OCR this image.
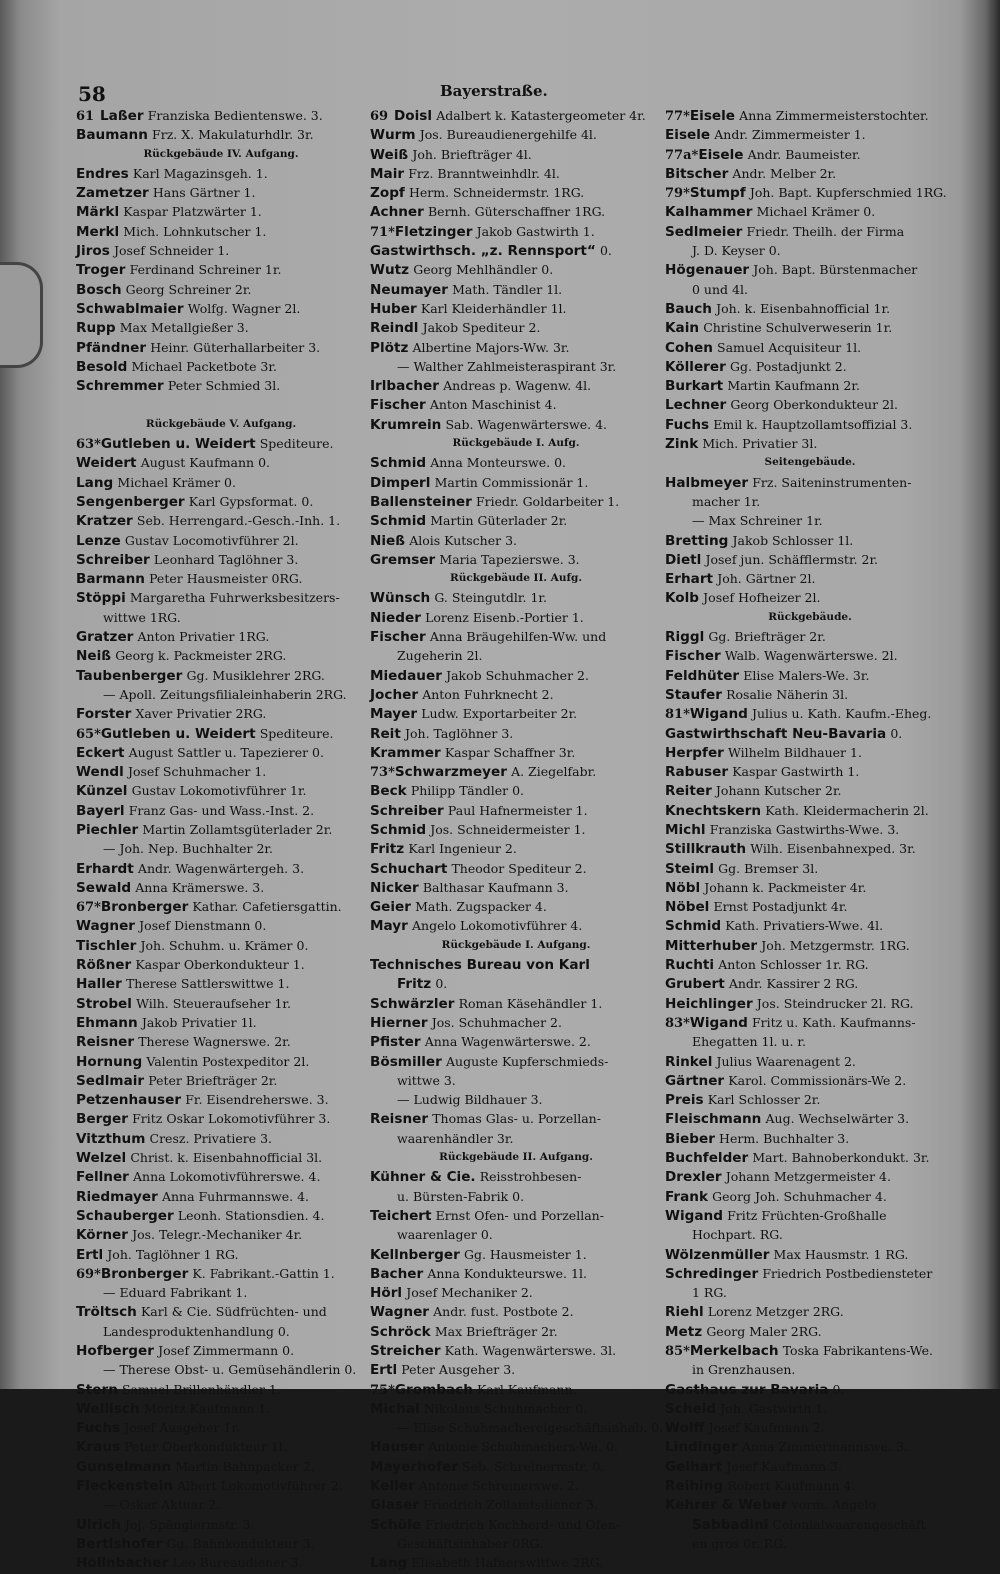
58	Bayerstraße.
61 Laßer Franziska Bedientenswe. 3.
Baumann Frz. X. Makulaturhdlr. 3r.
Rückgebäude IV. Aufgang.
Endres Karl Magazinsgeh. 1.
Zametzer Hans Gärtner 1.
Märkl Kaspar Platzwärter 1.
Merkl Mich. Lohnkutscher 1.
Jiros Josef Schneider 1.
Troger Ferdinand Schreiner 1r.
Bosch Georg Schreiner 2r.
Schwablmaier Wolfg. Wagner 2l.
Rupp Max Metallgießer 3.
Pfändner Heinr. Güterhallarbeiter 3.
Besold Michael Packetbote 3r.
Schremmer Peter Schmied 3l.
Rückgebäude V. Aufgang.
63*Gutleben u. Weidert Spediteure.
Weidert August Kaufmann 0.
Lang Michael Krämer 0.
Sengenberger Karl Gypsformat. 0.
Kratzer Seb. Herrengard.-Gesch.-Inh. 1.
Lenze Gustav Locomotivführer 2l.
Schreiber Leonhard Taglöhner 3.
Barmann Peter Hausmeister 0RG.
Stöppi Margaretha Fuhrwerksbesitzers-
wittwe 1RG.
Gratzer Anton Privatier 1RG.
Neiß Georg k. Packmeister 2RG.
Taubenberger Gg. Musiklehrer 2RG.
— Apoll. Zeitungsfilialeinhaberin 2RG.
Forster Xaver Privatier 2RG.
65*Gutleben u. Weidert Spediteure.
Eckert August Sattler u. Tapezierer 0.
Wendl Josef Schuhmacher 1.
Künzel Gustav Lokomotivführer 1r.
Bayerl Franz Gas- und Wass.-Inst. 2.
Piechler Martin Zollamtsgüterlader 2r.
— Joh. Nep. Buchhalter 2r.
Erhardt Andr. Wagenwärtergeh. 3.
Sewald Anna Krämerswe. 3.
67*Bronberger Kathar. Cafetiersgattin.
Wagner Josef Dienstmann 0.
Tischler Joh. Schuhm. u. Krämer 0.
Rößner Kaspar Oberkondukteur 1.
Haller Therese Sattlerswittwe 1.
Strobel Wilh. Steueraufseher 1r.
Ehmann Jakob Privatier 1l.
Reisner Therese Wagnerswe. 2r.
Hornung Valentin Postexpeditor 2l.
Sedlmair Peter Briefträger 2r.
Petzenhauser Fr. Eisendreherswe. 3.
Berger Fritz Oskar Lokomotivführer 3.
Vitzthum Cresz. Privatiere 3.
Welzel Christ. k. Eisenbahnofficial 3l.
Fellner Anna Lokomotivführerswe. 4.
Riedmayer Anna Fuhrmannswe. 4.
Schauberger Leonh. Stationsdien. 4.
Körner Jos. Telegr.-Mechaniker 4r.
Ertl Joh. Taglöhner 1 RG.
69*Bronberger K. Fabrikant.-Gattin 1.
— Eduard Fabrikant 1.
Tröltsch Karl & Cie. Südfrüchten- und
Landesproduktenhandlung 0.
Hofberger Josef Zimmermann 0.
— Therese Obst- u. Gemüsehändlerin 0.
Stern Samuel Brillenhändler 1.
Wellisch Moritz Kaufmann 1.
Fuchs Josef Ausgeher 1r.
Kraus Peter Oberkondukteur 1l.
Gunselmann Martin Bahnpacker 2.
Fleckenstein Albert Lokomotivführer 2.
— Oskar Aktuar 2.
Ulrich Joj. Spänglermstr. 3.
Bertlshofer Gg. Bahnkondukteur 3.
Hollnbacher Leo Bureaudiener 3.
69 Doisl Adalbert k. Katastergeometer 4r.
Wurm Jos. Bureaudienergehilfe 4l.
Weiß Joh. Briefträger 4l.
Mair Frz. Branntweinhdlr. 4l.
Zopf Herm. Schneidermstr. 1RG.
Achner Bernh. Güterschaffner 1RG.
71*Fletzinger Jakob Gastwirth 1.
Gastwirthsch. „z. Rennsport“ 0.
Wutz Georg Mehlhändler 0.
Neumayer Math. Tändler 1l.
Huber Karl Kleiderhändler 1l.
Reindl Jakob Spediteur 2.
Plötz Albertine Majors-Ww. 3r.
— Walther Zahlmeisteraspirant 3r.
Irlbacher Andreas p. Wagenw. 4l.
Fischer Anton Maschinist 4.
Krumrein Sab. Wagenwärterswe. 4.
Rückgebäude I. Aufg.
Schmid Anna Monteurswe. 0.
Dimperl Martin Commissionär 1.
Ballensteiner Friedr. Goldarbeiter 1.
Schmid Martin Güterlader 2r.
Nieß Alois Kutscher 3.
Gremser Maria Tapezierswe. 3.
Rückgebäude II. Aufg.
Wünsch G. Steingutdlr. 1r.
Nieder Lorenz Eisenb.-Portier 1.
Fischer Anna Bräugehilfen-Ww. und
Zugeherin 2l.
Miedauer Jakob Schuhmacher 2.
Jocher Anton Fuhrknecht 2.
Mayer Ludw. Exportarbeiter 2r.
Reit Joh. Taglöhner 3.
Krammer Kaspar Schaffner 3r.
73*Schwarzmeyer A. Ziegelfabr.
Beck Philipp Tändler 0.
Schreiber Paul Hafnermeister 1.
Schmid Jos. Schneidermeister 1.
Fritz Karl Ingenieur 2.
Schuchart Theodor Spediteur 2.
Nicker Balthasar Kaufmann 3.
Geier Math. Zugspacker 4.
Mayr Angelo Lokomotivführer 4.
Rückgebäude I. Aufgang.
Technisches Bureau von Karl
Fritz 0.
Schwärzler Roman Käsehändler 1.
Hierner Jos. Schuhmacher 2.
Pfister Anna Wagenwärterswe. 2.
Bösmiller Auguste Kupferschmieds-
wittwe 3.
— Ludwig Bildhauer 3.
Reisner Thomas Glas- u. Porzellan-
waarenhändler 3r.
Rückgebäude II. Aufgang.
Kühner & Cie. Reisstrohbesen-
u. Bürsten-Fabrik 0.
Teichert Ernst Ofen- und Porzellan-
waarenlager 0.
Kellnberger Gg. Hausmeister 1.
Bacher Anna Kondukteurswe. 1l.
Hörl Josef Mechaniker 2.
Wagner Andr. fust. Postbote 2.
Schröck Max Briefträger 2r.
Streicher Kath. Wagenwärterswe. 3l.
Ertl Peter Ausgeher 3.
75*Grombach Karl Kaufmann.
Michal Nikolaus Schuhmacher 0.
— Elise Schuhmachereigeschäftsinhab. 0.
Hauser Antonie Schuhmachers-We. 0.
Mayerhofer Seb. Schreinermstr. 0.
Keller Antonie Schreinerswe. 2.
Glaser Friedrich Zollamtsdiener 3.
Schüle Friedrich Kochherd- und Ofen-
Geschäftsinhaber 0RG.
Lang Elisabeth Hafnerswittwe 2RG.
77*Eisele Anna Zimmermeisterstochter.
Eisele Andr. Zimmermeister 1.
77a*Eisele Andr. Baumeister.
Bitscher Andr. Melber 2r.
79*Stumpf Joh. Bapt. Kupferschmied 1RG.
Kalhammer Michael Krämer 0.
Sedlmeier Friedr. Theilh. der Firma
J. D. Keyser 0.
Högenauer Joh. Bapt. Bürstenmacher
0 und 4l.
Bauch Joh. k. Eisenbahnofficial 1r.
Kain Christine Schulverweserin 1r.
Cohen Samuel Acquisiteur 1l.
Köllerer Gg. Postadjunkt 2.
Burkart Martin Kaufmann 2r.
Lechner Georg Oberkondukteur 2l.
Fuchs Emil k. Hauptzollamtsoffizial 3.
Zink Mich. Privatier 3l.
Seitengebäude.
Halbmeyer Frz. Saiteninstrumenten-
macher 1r.
— Max Schreiner 1r.
Bretting Jakob Schlosser 1l.
Dietl Josef jun. Schäfflermstr. 2r.
Erhart Joh. Gärtner 2l.
Kolb Josef Hofheizer 2l.
Rückgebäude.
Riggl Gg. Briefträger 2r.
Fischer Walb. Wagenwärterswe. 2l.
Feldhüter Elise Malers-We. 3r.
Staufer Rosalie Näherin 3l.
81*Wigand Julius u. Kath. Kaufm.-Eheg.
Gastwirthschaft Neu-Bavaria 0.
Herpfer Wilhelm Bildhauer 1.
Rabuser Kaspar Gastwirth 1.
Reiter Johann Kutscher 2r.
Knechtskern Kath. Kleidermacherin 2l.
Michl Franziska Gastwirths-Wwe. 3.
Stillkrauth Wilh. Eisenbahnexped. 3r.
Steiml Gg. Bremser 3l.
Nöbl Johann k. Packmeister 4r.
Nöbel Ernst Postadjunkt 4r.
Schmid Kath. Privatiers-Wwe. 4l.
Mitterhuber Joh. Metzgermstr. 1RG.
Ruchti Anton Schlosser 1r. RG.
Grubert Andr. Kassirer 2 RG.
Heichlinger Jos. Steindrucker 2l. RG.
83*Wigand Fritz u. Kath. Kaufmanns-
Ehegatten 1l. u. r.
Rinkel Julius Waarenagent 2.
Gärtner Karol. Commissionärs-We 2.
Preis Karl Schlosser 2r.
Fleischmann Aug. Wechselwärter 3.
Bieber Herm. Buchhalter 3.
Buchfelder Mart. Bahnoberkondukt. 3r.
Drexler Johann Metzgermeister 4.
Frank Georg Joh. Schuhmacher 4.
Wigand Fritz Früchten-Großhalle
Hochpart. RG.
Wölzenmüller Max Hausmstr. 1 RG.
Schredinger Friedrich Postbediensteter
1 RG.
Riehl Lorenz Metzger 2RG.
Metz Georg Maler 2RG.
85*Merkelbach Toska Fabrikantens-We.
in Grenzhausen.
Gasthaus zur Bavaria 0.
Scheid Joh. Gastwirth 1.
Wolff Josef Kaufmann 2.
Lindinger Anna Zimmermannswe. 3.
Gelhart Josef Kaufmann 3.
Reihing Robert Kaufmann 4.
Kehrer & Weber vorm. Angelo
Sabbadini Colonialwaarengeschäft
en gros 0r. RG.
